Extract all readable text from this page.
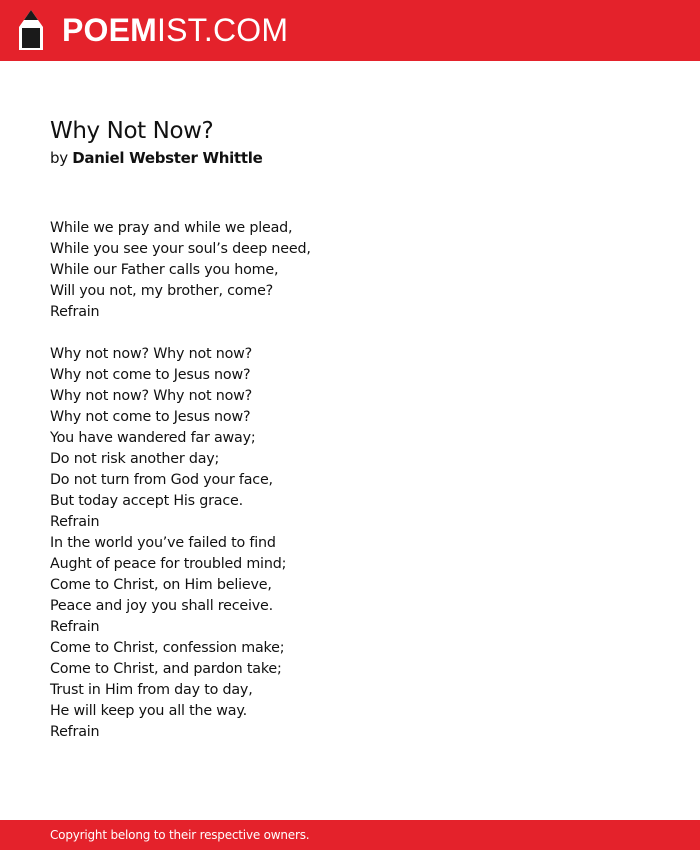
POEMIST.COM
Why Not Now?
by Daniel Webster Whittle
While we pray and while we plead,
While you see your soul’s deep need,
While our Father calls you home,
Will you not, my brother, come?
Refrain
Why not now? Why not now?
Why not come to Jesus now?
Why not now? Why not now?
Why not come to Jesus now?
You have wandered far away;
Do not risk another day;
Do not turn from God your face,
But today accept His grace.
Refrain
In the world you’ve failed to find
Aught of peace for troubled mind;
Come to Christ, on Him believe,
Peace and joy you shall receive.
Refrain
Come to Christ, confession make;
Come to Christ, and pardon take;
Trust in Him from day to day,
He will keep you all the way.
Refrain
Copyright belong to their respective owners.
